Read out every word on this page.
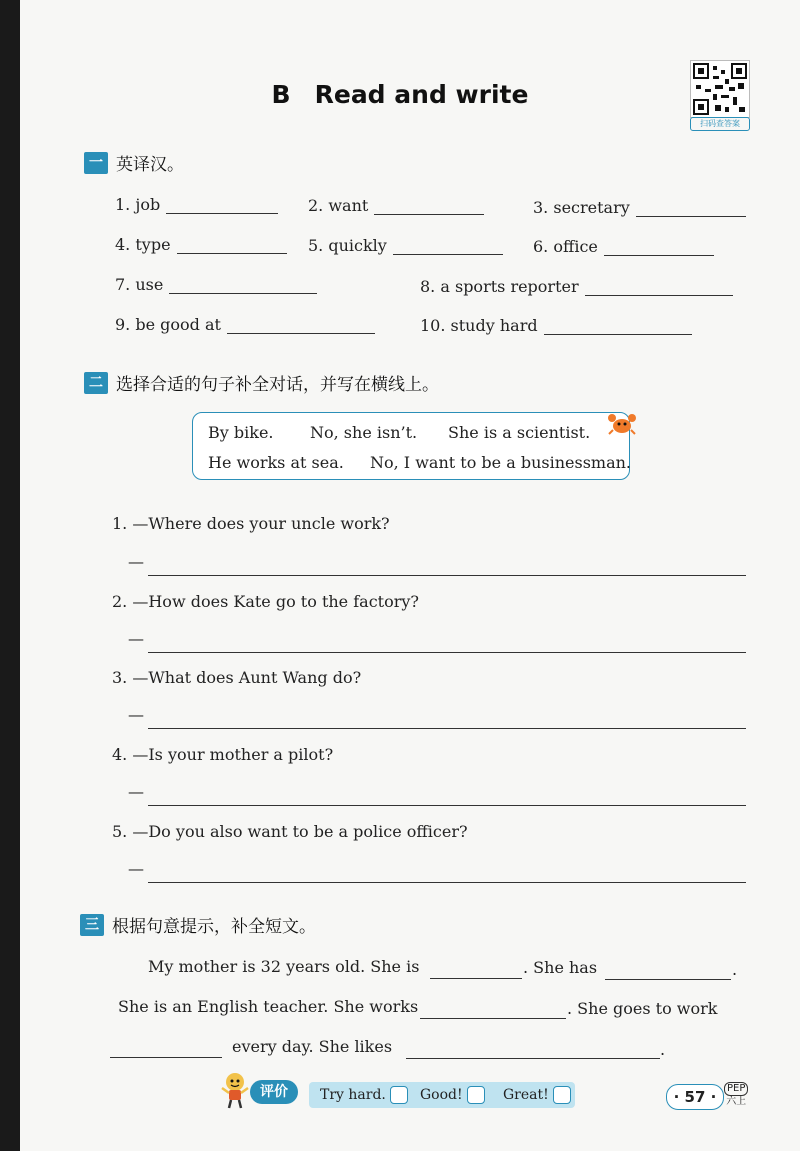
B Read and write
扫码查答案
一 英译汉。
1. job	2. want	3. secretary
4. type	5. quickly	6. office
7. use	8. a sports reporter
9. be good at	10. study hard
二 选择合适的句子补全对话，并写在横线上。
By bike. No, she isn’t. She is a scientist.
He works at sea. No, I want to be a businessman.
1. —Where does your uncle work?
—
2. —How does Kate go to the factory?
—
3. —What does Aunt Wang do?
—
4. —Is your mother a pilot?
—
5. —Do you also want to be a police officer?
—
三 根据句意提示，补全短文。
My mother is 32 years old. She is	. She has	.
She is an English teacher. She works	. She goes to work
every day. She likes	.
评价	Try hard. Good!	Great!	· 57 ·	PEP
六上
